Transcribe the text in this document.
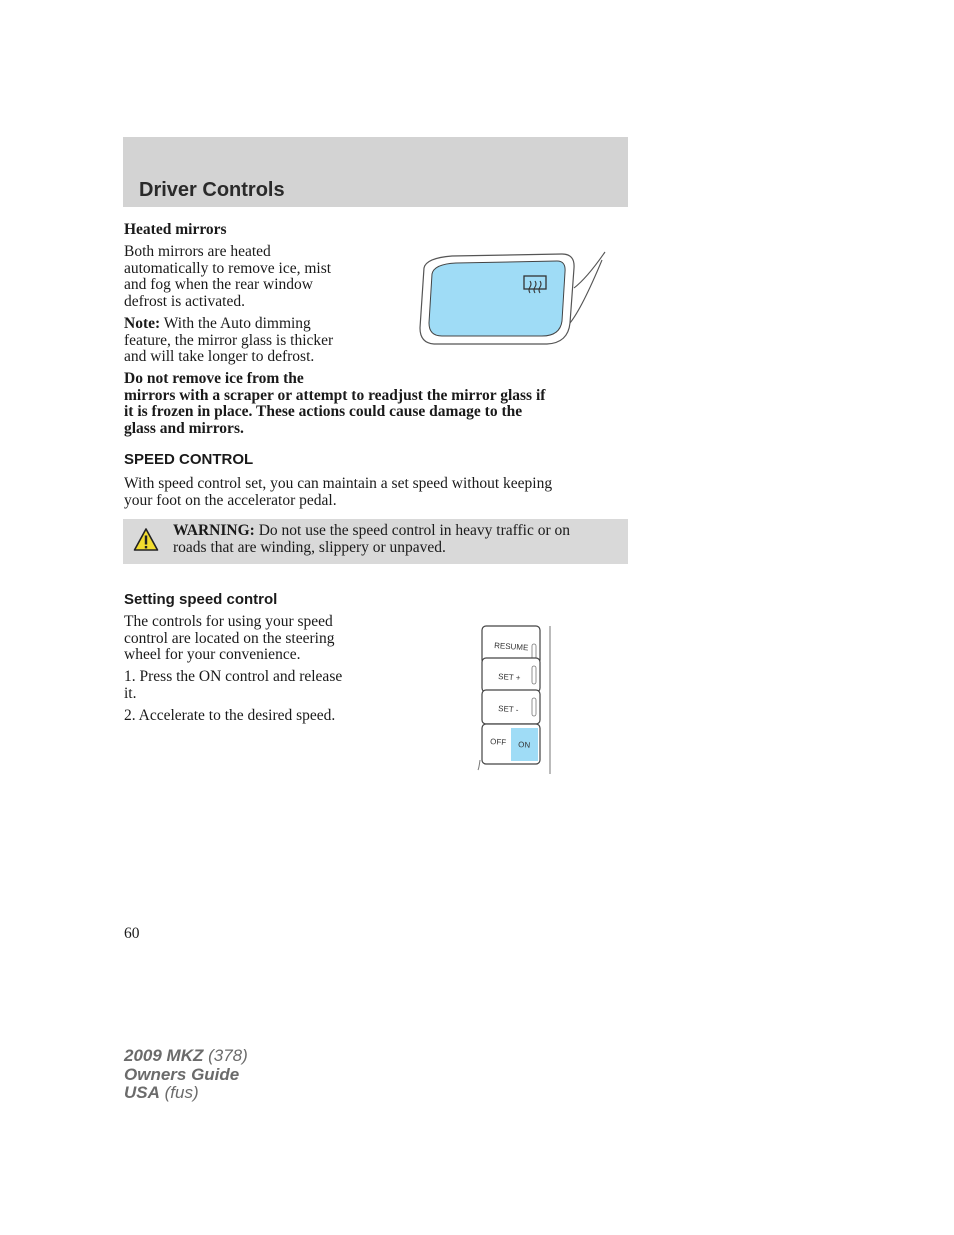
Driver Controls
Heated mirrors
Both mirrors are heated
automatically to remove ice, mist
and fog when the rear window
defrost is activated.
Note: With the Auto dimming
feature, the mirror glass is thicker
and will take longer to defrost.
Do not remove ice from the
mirrors with a scraper or attempt to readjust the mirror glass if
it is frozen in place. These actions could cause damage to the
glass and mirrors.
SPEED CONTROL
With speed control set, you can maintain a set speed without keeping
your foot on the accelerator pedal.
WARNING: Do not use the speed control in heavy traffic or on
roads that are winding, slippery or unpaved.
Setting speed control
The controls for using your speed
control are located on the steering
wheel for your convenience.
1. Press the ON control and release
it.
2. Accelerate to the desired speed.
RESUME
SET +
SET -
OFF ON
60
2009 MKZ (378)
Owners Guide
USA (fus)
